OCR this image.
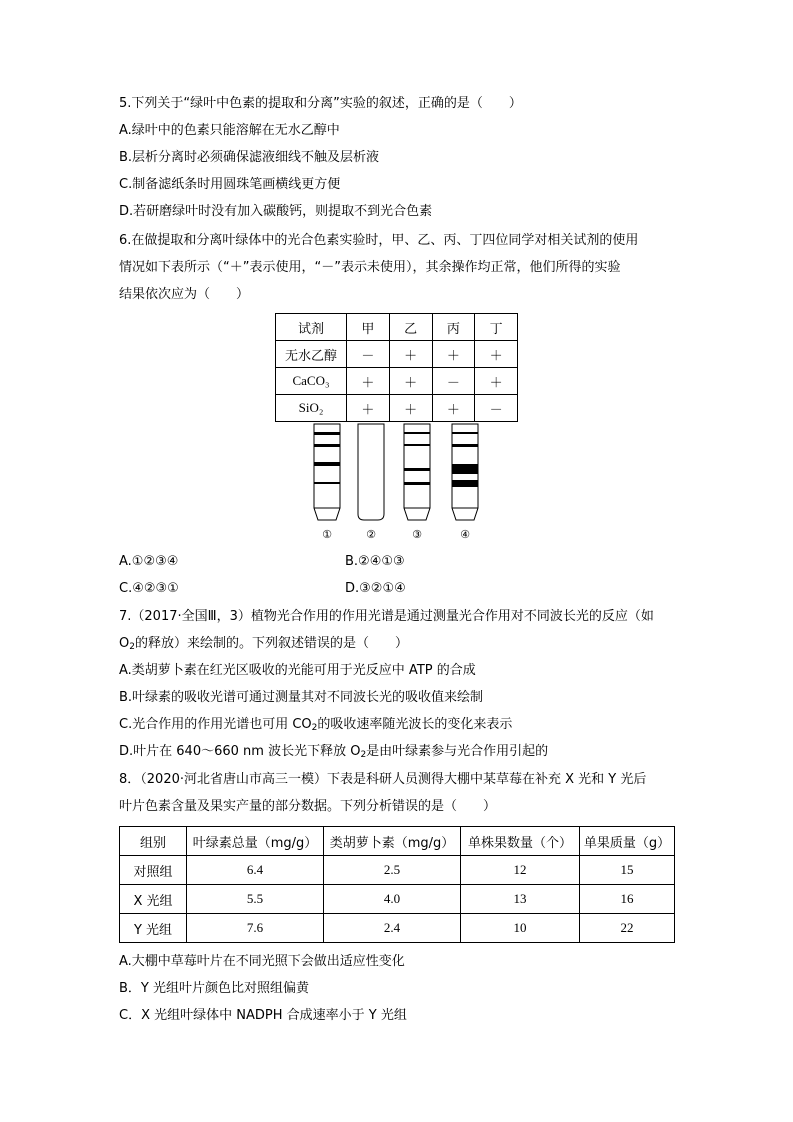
5.下列关于“绿叶中色素的提取和分离”实验的叙述，正确的是（　　）
A.绿叶中的色素只能溶解在无水乙醇中
B.层析分离时必须确保滤液细线不触及层析液
C.制备滤纸条时用圆珠笔画横线更方便
D.若研磨绿叶时没有加入碳酸钙，则提取不到光合色素
6.在做提取和分离叶绿体中的光合色素实验时，甲、乙、丙、丁四位同学对相关试剂的使用
情况如下表所示（“＋”表示使用，“－”表示未使用），其余操作均正常，他们所得的实验
结果依次应为（　　）
试剂	甲	乙	丙	丁
无水乙醇	－	＋	＋	＋
CaCO₃	＋	＋	－	＋
SiO₂	＋	＋	＋	－
①	②	③	④
A.①②③④	B.②④①③
C.④②③①	D.③②①④
7.（2017·全国Ⅲ，3）植物光合作用的作用光谱是通过测量光合作用对不同波长光的反应（如
$O_2$的释放）来绘制的。下列叙述错误的是（　　）
A.类胡萝卜素在红光区吸收的光能可用于光反应中 ATP 的合成
B.叶绿素的吸收光谱可通过测量其对不同波长光的吸收值来绘制
C.光合作用的作用光谱也可用 $CO_2$的吸收速率随光波长的变化来表示
D.叶片在 640～660 nm 波长光下释放 $O_2$是由叶绿素参与光合作用引起的
8．（2020·河北省唐山市高三一模）下表是科研人员测得大棚中某草莓在补充 X 光和 Y 光后
叶片色素含量及果实产量的部分数据。下列分析错误的是（　　）
组别	叶绿素总量（mg/g）	类胡萝卜素（mg/g）	单株果数量（个）	单果质量（g）
对照组	6.4	2.5	12	15
X 光组	5.5	4.0	13	16
Y 光组	7.6	2.4	10	22
A.大棚中草莓叶片在不同光照下会做出适应性变化
B．Y 光组叶片颜色比对照组偏黄
C．X 光组叶绿体中 NADPH 合成速率小于 Y 光组
